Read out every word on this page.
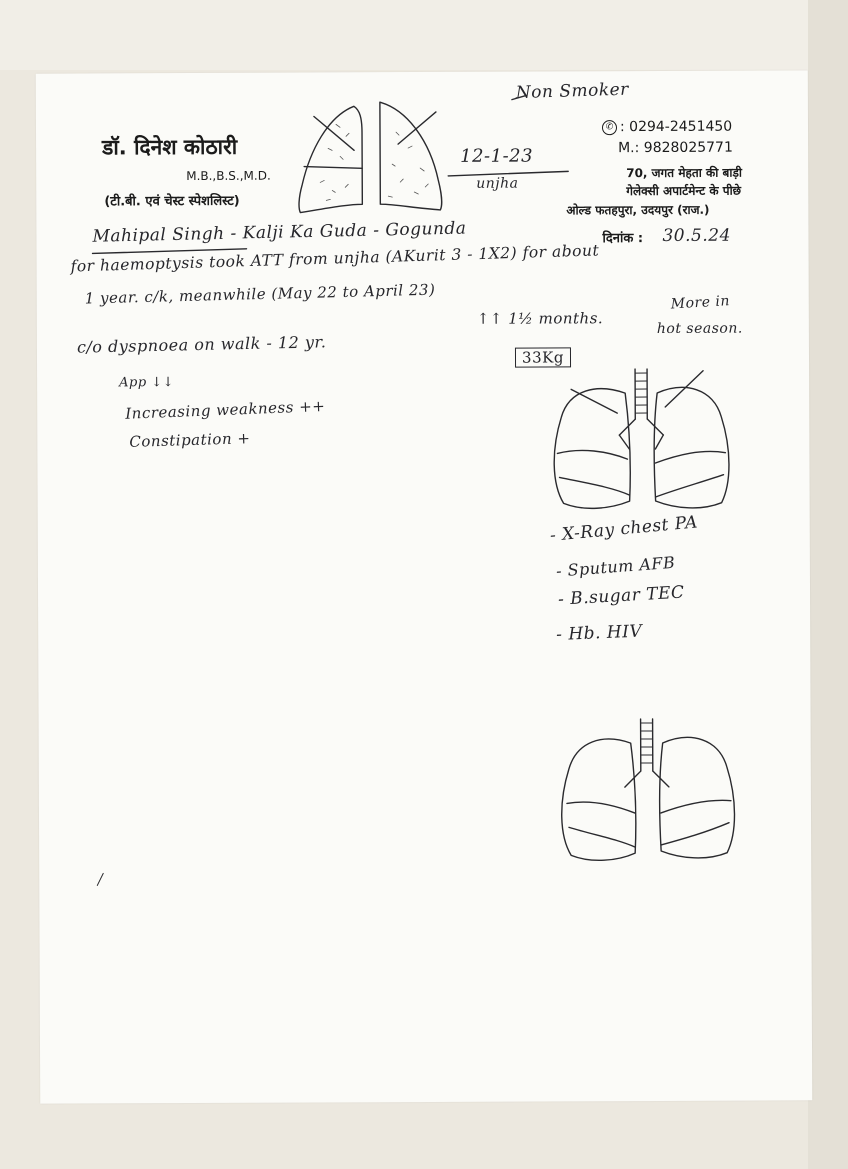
डॉ. दिनेश कोठारी
M.B.,B.S.,M.D.
(टी.बी. एवं चेस्ट स्पेशलिस्ट)
✆ : 0294-2451450
M.: 9828025771
70, जगत मेहता की बाड़ी
गेलेक्सी अपार्टमेन्ट के पीछे
ओल्ड फतहपुरा, उदयपुर (राज.)
दिनांक :
Non Smoker
12-1-23
unjha
30.5.24
Mahipal Singh - Kalji Ka Guda - Gogunda
for haemoptysis took ATT from unjha (AKurit 3 - 1X2) for about
1 year. c/k, meanwhile (May 22 to April 23)
c/o dyspnoea on walk - 12 yr.
↑↑ 1½ months.
More in
hot season.
33Kg
App ↓↓
Increasing weakness ++
Constipation +
- X-Ray chest PA
- Sputum AFB
- B.sugar TEC
- Hb. HIV
